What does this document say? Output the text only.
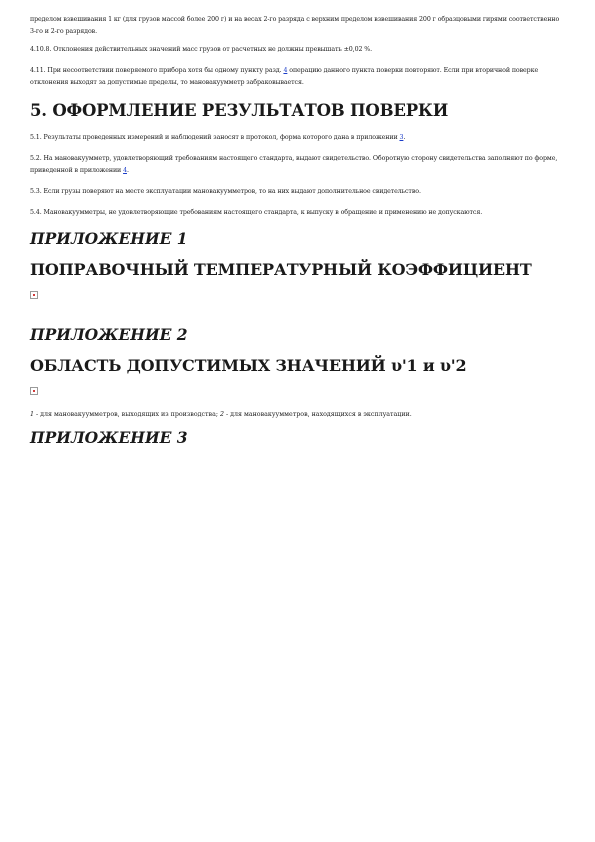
пределом взвешивания 1 кг (для грузов массой более 200 г) и на весах 2-го разряда с верхним пределом взвешивания 200 г образцовыми гирями соответственно 3-го и 2-го разрядов.

4.10.8. Отклонения действительных значений масс грузов от расчетных не должны превышать ±0,02 %.

4.11. При несоответствии поверяемого прибора хотя бы одному пункту разд. 4 операцию данного пункта поверки повторяют. Если при вторичной поверке отклонения выходят за допустимые пределы, то мановакуумметр забраковывается.

5. ОФОРМЛЕНИЕ РЕЗУЛЬТАТОВ ПОВЕРКИ

5.1. Результаты проведенных измерений и наблюдений заносят в протокол, форма которого дана в приложении 3.

5.2. На мановакуумметр, удовлетворяющий требованиям настоящего стандарта, выдают свидетельство. Оборотную сторону свидетельства заполняют по форме, приведенной в приложении 4.

5.3. Если грузы поверяют на месте эксплуатации мановакуумметров, то на них выдают дополнительное свидетельство.

5.4. Мановакуумметры, не удовлетворяющие требованиям настоящего стандарта, к выпуску в обращение и применению не допускаются.

ПРИЛОЖЕНИЕ 1
ПОПРАВОЧНЫЙ ТЕМПЕРАТУРНЫЙ КОЭФФИЦИЕНТ
ПРИЛОЖЕНИЕ 2
ОБЛАСТЬ ДОПУСТИМЫХ ЗНАЧЕНИЙ υ'1 и υ'2

1 - для мановакуумметров, выходящих из производства; 2 - для мановакуумметров, находящихся в эксплуатации.

ПРИЛОЖЕНИЕ 3
